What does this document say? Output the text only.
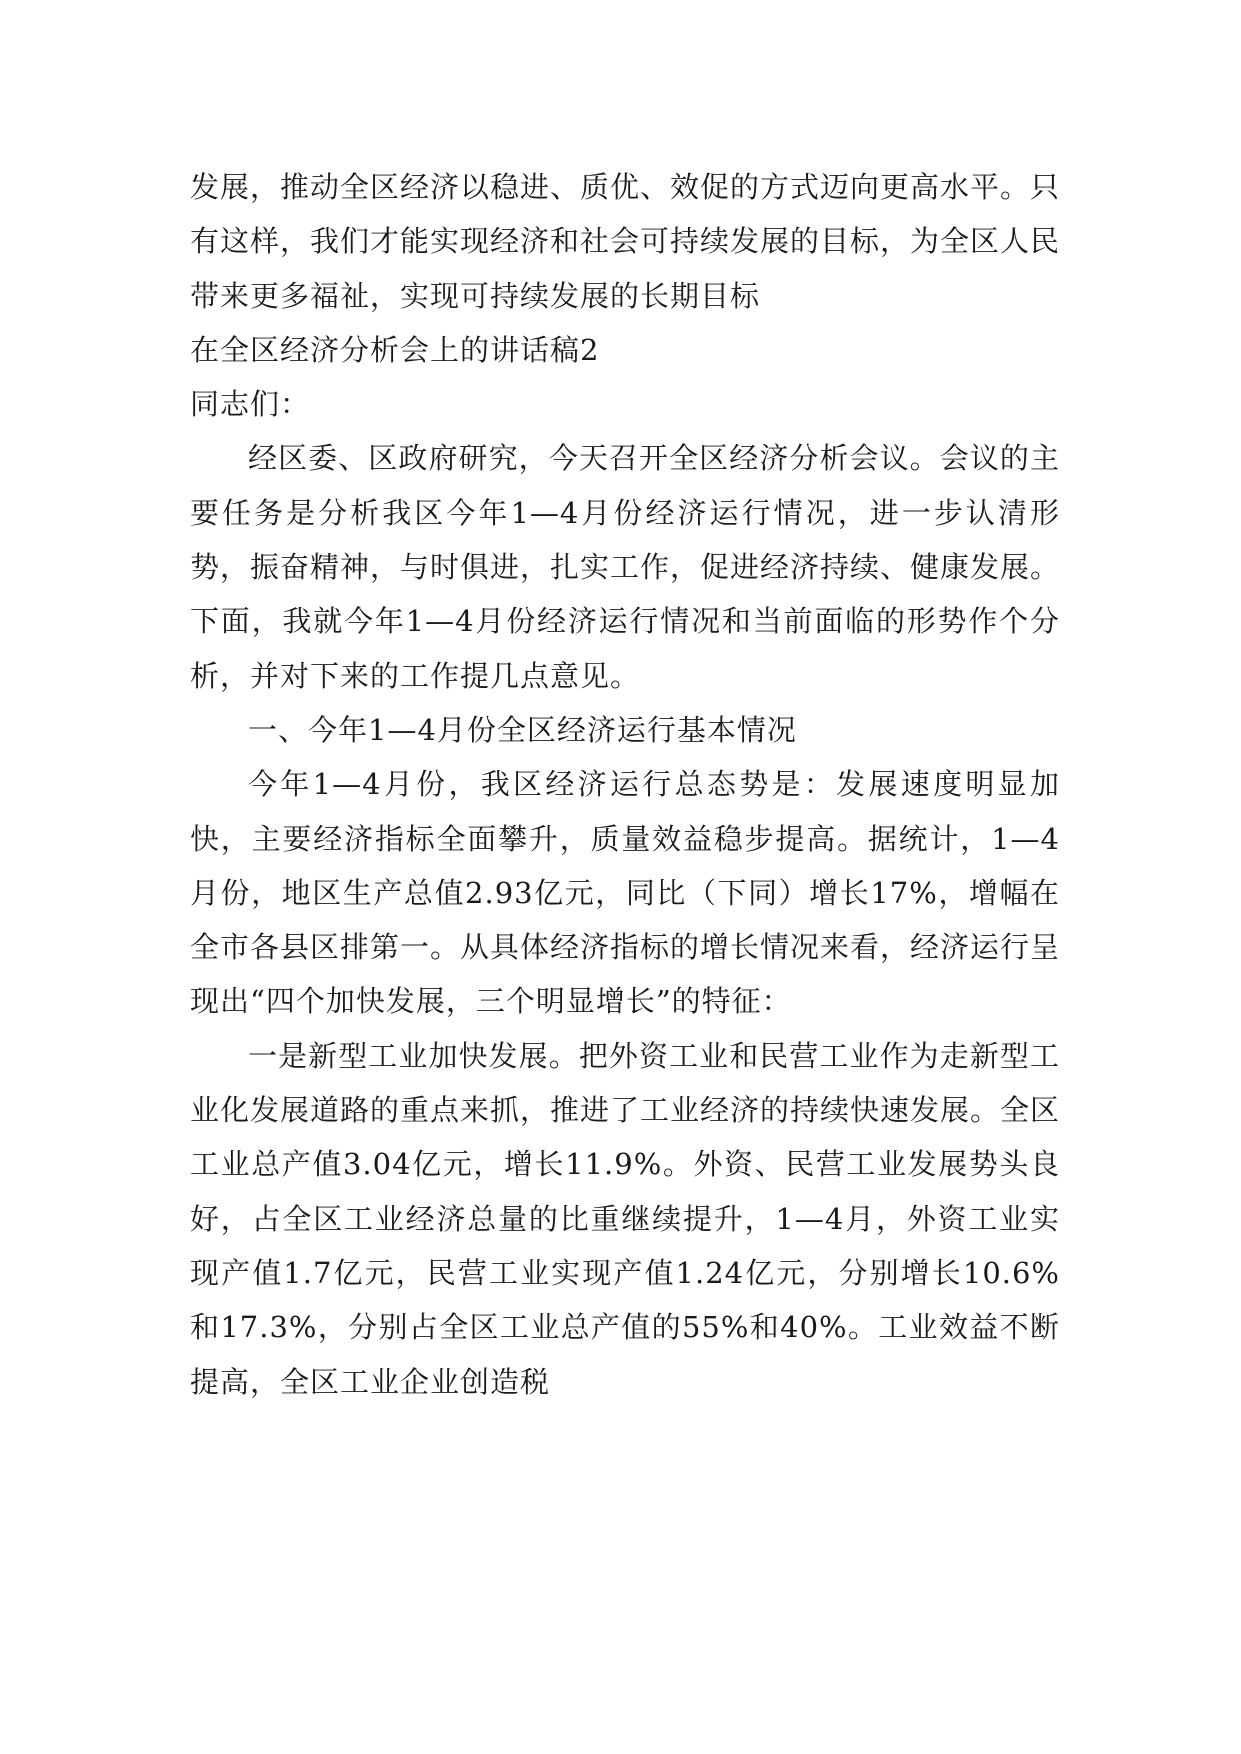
发展，推动全区经济以稳进、质优、效促的方式迈向更高水平。只有这样，我们才能实现经济和社会可持续发展的目标，为全区人民带来更多福祉，实现可持续发展的长期目标

在全区经济分析会上的讲话稿2

同志们：

经区委、区政府研究，今天召开全区经济分析会议。会议的主要任务是分析我区今年1—4月份经济运行情况，进一步认清形势，振奋精神，与时俱进，扎实工作，促进经济持续、健康发展。下面，我就今年1—4月份经济运行情况和当前面临的形势作个分析，并对下来的工作提几点意见。

一、今年1—4月份全区经济运行基本情况

今年1—4月份，我区经济运行总态势是：发展速度明显加快，主要经济指标全面攀升，质量效益稳步提高。据统计，1—4月份，地区生产总值2.93亿元，同比（下同）增长17%，增幅在全市各县区排第一。从具体经济指标的增长情况来看，经济运行呈现出“四个加快发展，三个明显增长”的特征：

一是新型工业加快发展。把外资工业和民营工业作为走新型工业化发展道路的重点来抓，推进了工业经济的持续快速发展。全区工业总产值3.04亿元，增长11.9%。外资、民营工业发展势头良好，占全区工业经济总量的比重继续提升，1—4月，外资工业实现产值1.7亿元，民营工业实现产值1.24亿元，分别增长10.6%和17.3%，分别占全区工业总产值的55%和40%。工业效益不断提高，全区工业企业创造税
